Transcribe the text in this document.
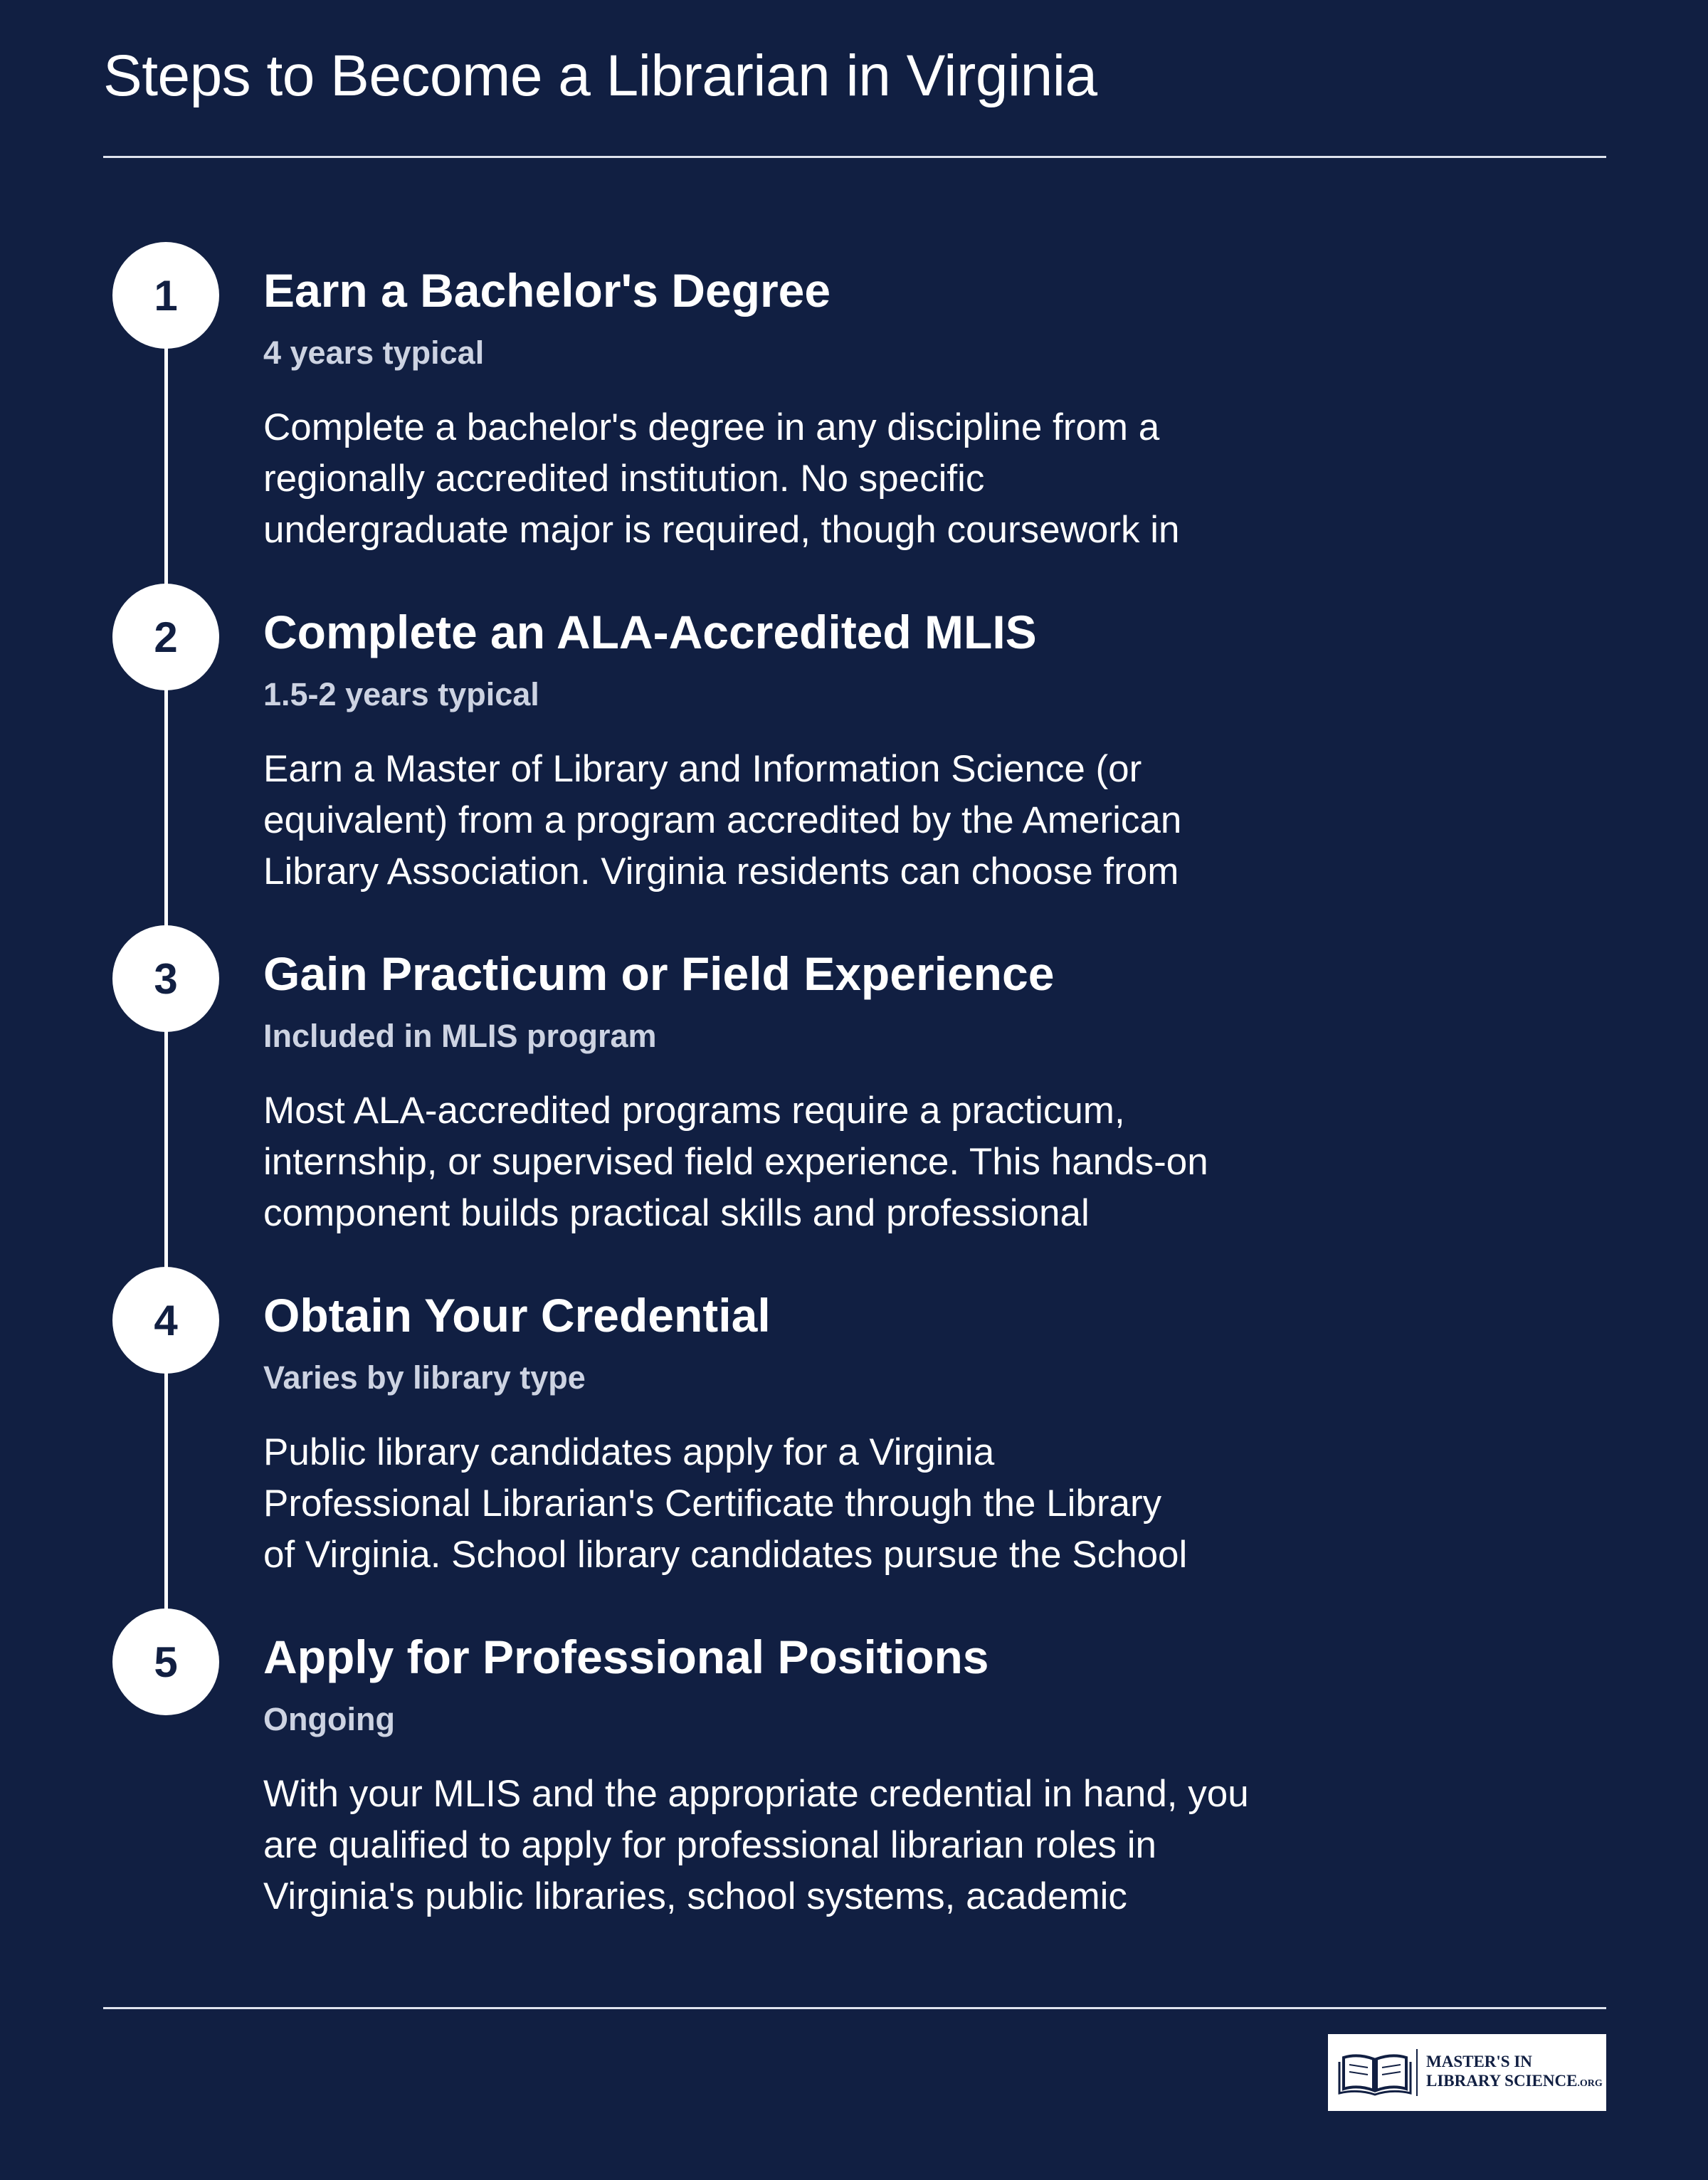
Steps to Become a Librarian in Virginia
1	Earn a Bachelor's Degree
4 years typical

Complete a bachelor's degree in any discipline from a
regionally accredited institution. No specific
undergraduate major is required, though coursework in

2	Complete an ALA-Accredited MLIS
1.5-2 years typical

Earn a Master of Library and Information Science (or
equivalent) from a program accredited by the American
Library Association. Virginia residents can choose from

3	Gain Practicum or Field Experience
Included in MLIS program

Most ALA-accredited programs require a practicum,
internship, or supervised field experience. This hands-on
component builds practical skills and professional

4	Obtain Your Credential
Varies by library type

Public library candidates apply for a Virginia
Professional Librarian's Certificate through the Library
of Virginia. School library candidates pursue the School

5	Apply for Professional Positions
Ongoing

With your MLIS and the appropriate credential in hand, you
are qualified to apply for professional librarian roles in
Virginia's public libraries, school systems, academic

MASTER'S IN
LIBRARY SCIENCE.ORG
